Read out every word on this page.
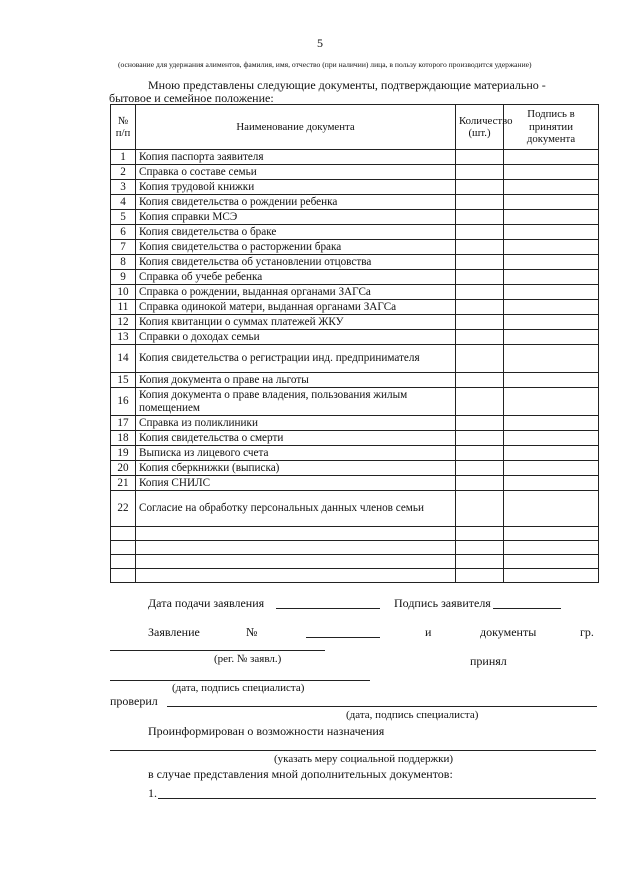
5
(основание для удержания алиментов, фамилия, имя, отчество (при наличии) лица, в пользу которого производится удержание)
Мною представлены следующие документы, подтверждающие материально -
бытовое и семейное положение:
№ п/п	Наименование документа	Количество (шт.)	Подпись в принятии документа
1	Копия паспорта заявителя		
2	Справка о составе семьи		
3	Копия трудовой книжки		
4	Копия свидетельства о рождении ребенка		
5	Копия справки МСЭ		
6	Копия свидетельства о браке		
7	Копия свидетельства о расторжении брака		
8	Копия свидетельства об установлении отцовства		
9	Справка об учебе ребенка		
10	Справка о рождении, выданная органами ЗАГСа		
11	Справка одинокой матери, выданная органами ЗАГСа		
12	Копия квитанции о суммах платежей ЖКУ		
13	Справки о доходах семьи		
14	Копия свидетельства о регистрации инд. предпринимателя		
15	Копия документа о праве на льготы		
16	Копия документа о праве владения, пользования жилым помещением		
17	Справка из поликлиники		
18	Копия свидетельства о смерти		
19	Выписка из лицевого счета		
20	Копия сберкнижки (выписка)		
21	Копия СНИЛС		
22	Согласие на обработку персональных данных членов семьи		

Дата подачи заявления	Подпись заявителя
Заявление	№	и	документы	гр.
(рег. № заявл.)	принял
(дата, подпись специалиста)
проверил
(дата, подпись специалиста)
Проинформирован о возможности назначения
(указать меру социальной поддержки)
в случае представления мной дополнительных документов:
1.
